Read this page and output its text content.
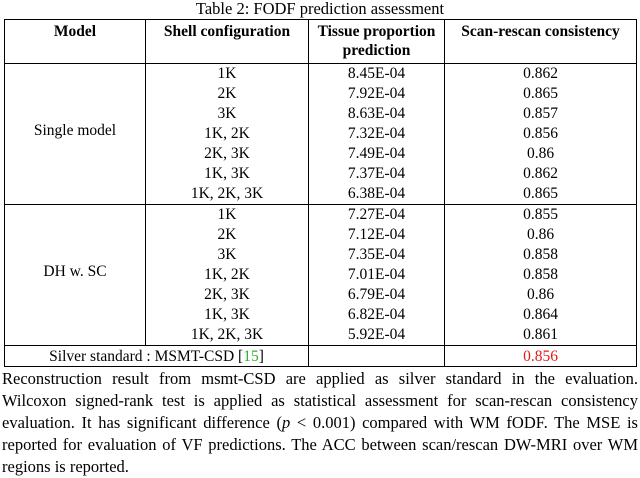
Table 2: FODF prediction assessment
Model	Shell configuration	Tissue proportion prediction	Scan-rescan consistency
Single model	1K	8.45E-04	0.862
	2K	7.92E-04	0.865
	3K	8.63E-04	0.857
	1K, 2K	7.32E-04	0.856
	2K, 3K	7.49E-04	0.86
	1K, 3K	7.37E-04	0.862
	1K, 2K, 3K	6.38E-04	0.865
DH w. SC	1K	7.27E-04	0.855
	2K	7.12E-04	0.86
	3K	7.35E-04	0.858
	1K, 2K	7.01E-04	0.858
	2K, 3K	6.79E-04	0.86
	1K, 3K	6.82E-04	0.864
	1K, 2K, 3K	5.92E-04	0.861
Silver standard : MSMT-CSD [15]			0.856
Reconstruction result from msmt-CSD are applied as silver standard in the evaluation. Wilcoxon signed-rank test is applied as statistical assessment for scan-rescan consistency evaluation. It has significant difference (p < 0.001) compared with WM fODF. The MSE is reported for evaluation of VF predictions. The ACC between scan/rescan DW-MRI over WM regions is reported.
